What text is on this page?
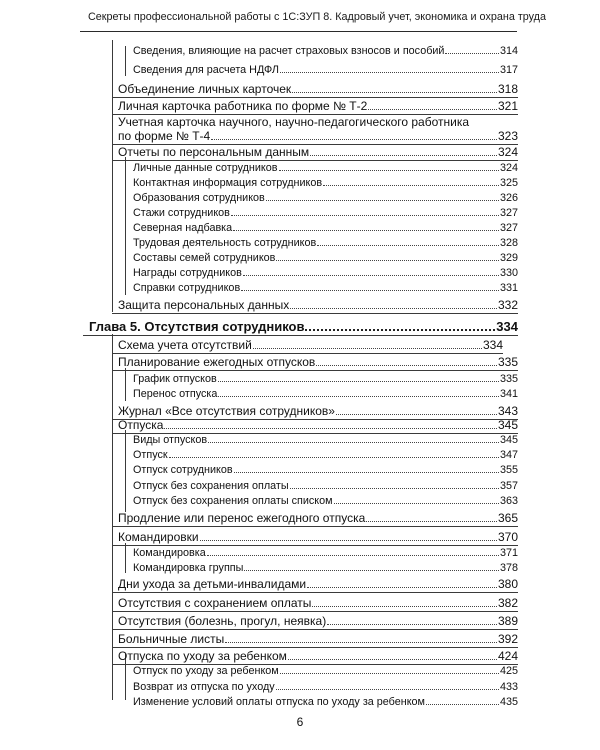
Секреты профессиональной работы с 1С:ЗУП 8. Кадровый учет, экономика и охрана труда
Сведения, влияющие на расчет страховых взносов и пособий	314
Сведения для расчета НДФЛ	317
Объединение личных карточек	318
Личная карточка работника по форме № Т-2	321
Учетная карточка научного, научно-педагогического работника
по форме № Т-4	323
Отчеты по персональным данным	324
Личные данные сотрудников	324
Контактная информация сотрудников	325
Образования сотрудников	326
Стажи сотрудников	327
Северная надбавка	327
Трудовая деятельность сотрудников	328
Составы семей сотрудников	329
Награды сотрудников	330
Справки сотрудников	331
Защита персональных данных	332
Глава 5. Отсутствия сотрудников	334
Схема учета отсутствий	334
Планирование ежегодных отпусков	335
График отпусков	335
Перенос отпуска	341
Журнал «Все отсутствия сотрудников»	343
Отпуска	345
Виды отпусков	345
Отпуск	347
Отпуск сотрудников	355
Отпуск без сохранения оплаты	357
Отпуск без сохранения оплаты списком	363
Продление или перенос ежегодного отпуска	365
Командировки	370
Командировка	371
Командировка группы	378
Дни ухода за детьми-инвалидами	380
Отсутствия с сохранением оплаты	382
Отсутствия (болезнь, прогул, неявка)	389
Больничные листы	392
Отпуска по уходу за ребенком	424
Отпуск по уходу за ребенком	425
Возврат из отпуска по уходу	433
Изменение условий оплаты отпуска по уходу за ребенком	435
6
